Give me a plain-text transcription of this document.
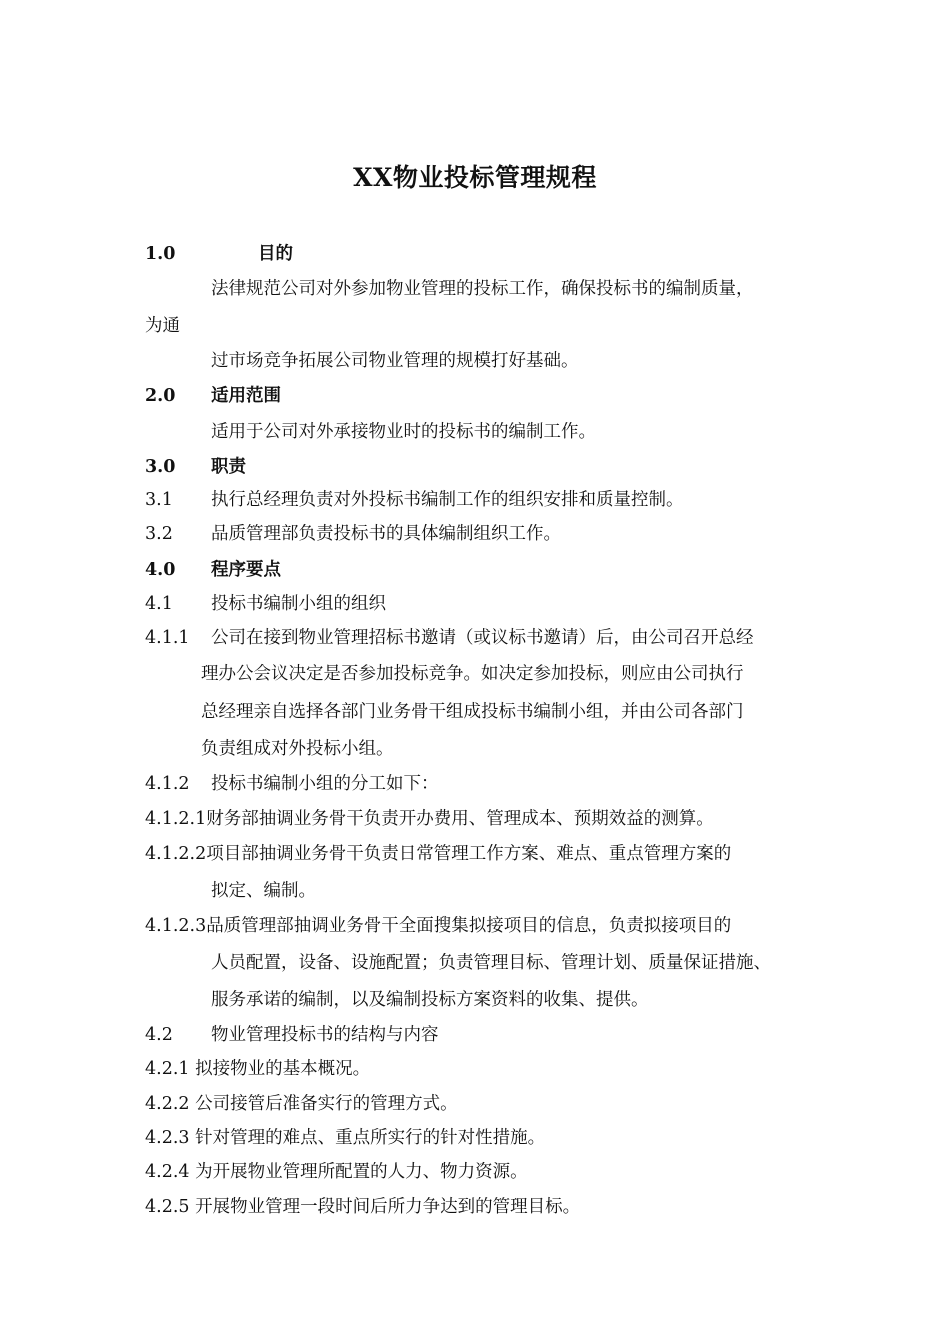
XX物业投标管理规程
1.0	目的
法律规范公司对外参加物业管理的投标工作，确保投标书的编制质量，
为通
过市场竞争拓展公司物业管理的规模打好基础。
2.0 适用范围
适用于公司对外承接物业时的投标书的编制工作。
3.0 职责
3.1 执行总经理负责对外投标书编制工作的组织安排和质量控制。
3.2 品质管理部负责投标书的具体编制组织工作。
4.0 程序要点
4.1 投标书编制小组的组织
4.1.1 公司在接到物业管理招标书邀请（或议标书邀请）后，由公司召开总经
理办公会议决定是否参加投标竞争。如决定参加投标，则应由公司执行
总经理亲自选择各部门业务骨干组成投标书编制小组，并由公司各部门
负责组成对外投标小组。
4.1.2 投标书编制小组的分工如下：
4.1.2.1财务部抽调业务骨干负责开办费用、管理成本、预期效益的测算。
4.1.2.2项目部抽调业务骨干负责日常管理工作方案、难点、重点管理方案的
拟定、编制。
4.1.2.3品质管理部抽调业务骨干全面搜集拟接项目的信息，负责拟接项目的
人员配置，设备、设施配置；负责管理目标、管理计划、质量保证措施、
服务承诺的编制，以及编制投标方案资料的收集、提供。
4.2 物业管理投标书的结构与内容
4.2.1 拟接物业的基本概况。
4.2.2 公司接管后准备实行的管理方式。
4.2.3 针对管理的难点、重点所实行的针对性措施。
4.2.4 为开展物业管理所配置的人力、物力资源。
4.2.5 开展物业管理一段时间后所力争达到的管理目标。
